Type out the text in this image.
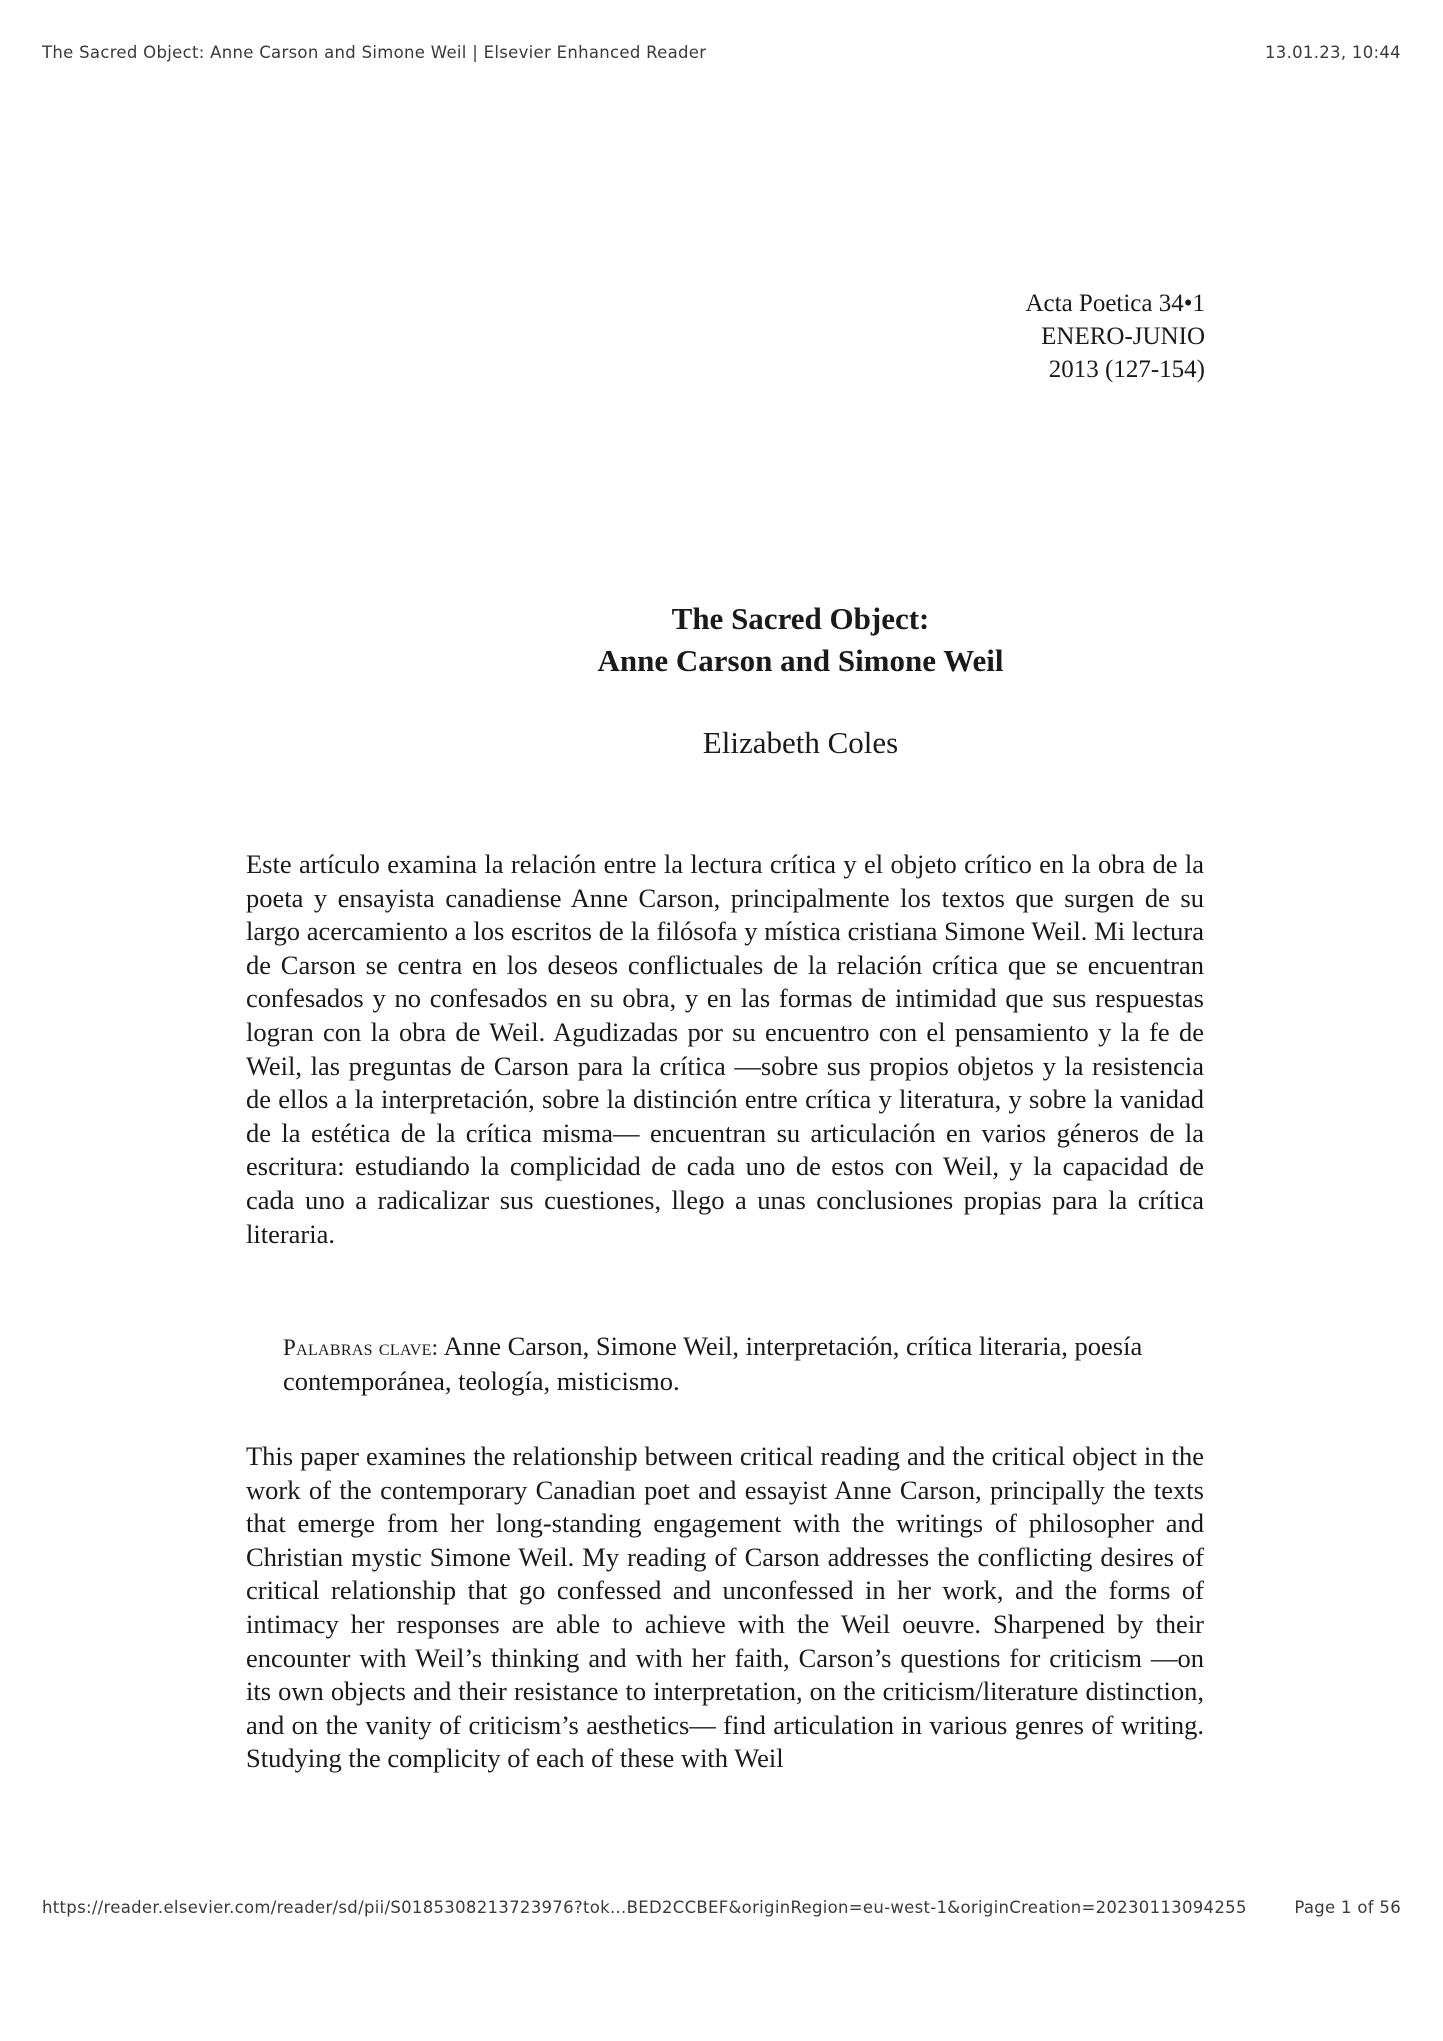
The Sacred Object: Anne Carson and Simone Weil | Elsevier Enhanced Reader	13.01.23, 10:44
Acta Poetica 34•1
ENERO-JUNIO
2013 (127-154)
The Sacred Object:
Anne Carson and Simone Weil
Elizabeth Coles

Este artículo examina la relación entre la lectura crítica y el objeto crítico en la obra de la poeta y ensayista canadiense Anne Carson, principalmente los textos que surgen de su largo acercamiento a los escritos de la filósofa y mística cristiana Simone Weil. Mi lectura de Carson se centra en los deseos conflictuales de la relación crítica que se encuentran confesados y no confesados en su obra, y en las formas de intimidad que sus respuestas logran con la obra de Weil. Agudizadas por su encuentro con el pensamiento y la fe de Weil, las preguntas de Carson para la crítica —sobre sus propios objetos y la resistencia de ellos a la interpretación, sobre la distinción entre crítica y literatura, y sobre la vanidad de la estética de la crítica misma— encuentran su articulación en varios géneros de la escritura: estudiando la complicidad de cada uno de estos con Weil, y la capacidad de cada uno a radicalizar sus cuestiones, llego a unas conclusiones propias para la crítica literaria.

Palabras clave: Anne Carson, Simone Weil, interpretación, crítica literaria, poesía contemporánea, teología, misticismo.

This paper examines the relationship between critical reading and the critical object in the work of the contemporary Canadian poet and essayist Anne Carson, principally the texts that emerge from her long-standing engagement with the writings of philosopher and Christian mystic Simone Weil. My reading of Carson addresses the conflicting desires of critical relationship that go confessed and unconfessed in her work, and the forms of intimacy her responses are able to achieve with the Weil oeuvre. Sharpened by their encounter with Weil’s thinking and with her faith, Carson’s questions for criticism —on its own objects and their resistance to interpretation, on the criticism/literature distinction, and on the vanity of criticism’s aesthetics— find articulation in various genres of writing. Studying the complicity of each of these with Weil

https://reader.elsevier.com/reader/sd/pii/S0185308213723976?tok...BED2CCBEF&originRegion=eu-west-1&originCreation=20230113094255	Page 1 of 56
